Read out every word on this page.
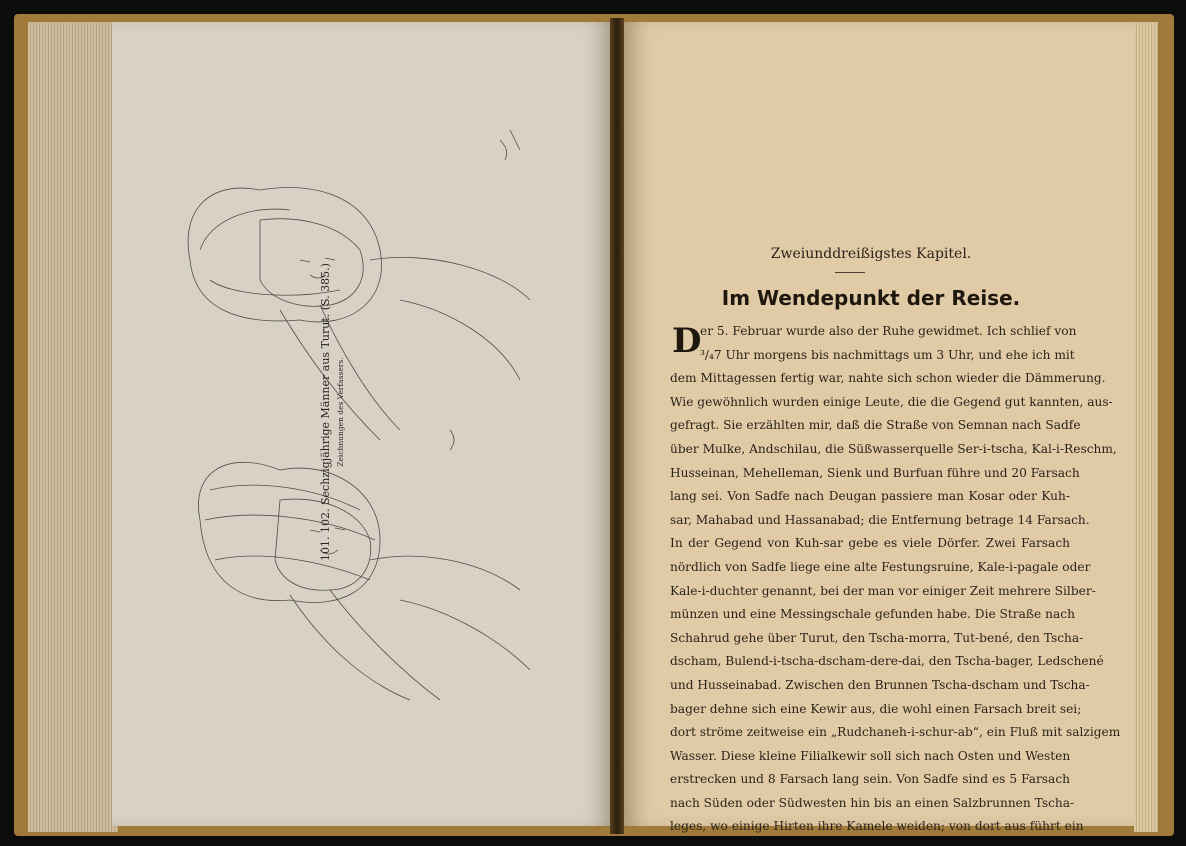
101. 102. Sechzigjährige Männer aus Turut. (S. 385.) Zeichnungen des Verfassers.
Zweiunddreißigstes Kapitel.
Im Wendepunkt der Reise.
D
er 5. Februar wurde also der Ruhe gewidmet. Ich schlief von
³/₄7 Uhr morgens bis nachmittags um 3 Uhr, und ehe ich mit
dem Mittagessen fertig war, nahte sich schon wieder die Dämmerung.
Wie gewöhnlich wurden einige Leute, die die Gegend gut kannten, aus-
gefragt. Sie erzählten mir, daß die Straße von Semnan nach Sadfe
über Mulke, Andschilau, die Süßwasserquelle Ser-i-tscha, Kal-i-Reschm,
Husseinan, Mehelleman, Sienk und Burfuan führe und 20 Farsach
lang sei. Von Sadfe nach Deugan passiere man Kosar oder Kuh-
sar, Mahabad und Hassanabad; die Entfernung betrage 14 Farsach.
In der Gegend von Kuh-sar gebe es viele Dörfer. Zwei Farsach
nördlich von Sadfe liege eine alte Festungsruine, Kale-i-pagale oder
Kale-i-duchter genannt, bei der man vor einiger Zeit mehrere Silber-
münzen und eine Messingschale gefunden habe. Die Straße nach
Schahrud gehe über Turut, den Tscha-morra, Tut-bené, den Tscha-
dscham, Bulend-i-tscha-dscham-dere-dai, den Tscha-bager, Ledschené
und Husseinabad. Zwischen den Brunnen Tscha-dscham und Tscha-
bager dehne sich eine Kewir aus, die wohl einen Farsach breit sei;
dort ströme zeitweise ein „Rudchaneh-i-schur-ab“, ein Fluß mit salzigem
Wasser. Diese kleine Filialkewir soll sich nach Osten und Westen
erstrecken und 8 Farsach lang sein. Von Sadfe sind es 5 Farsach
nach Süden oder Südwesten hin bis an einen Salzbrunnen Tscha-
leges, wo einige Hirten ihre Kamele weiden; von dort aus führt ein
